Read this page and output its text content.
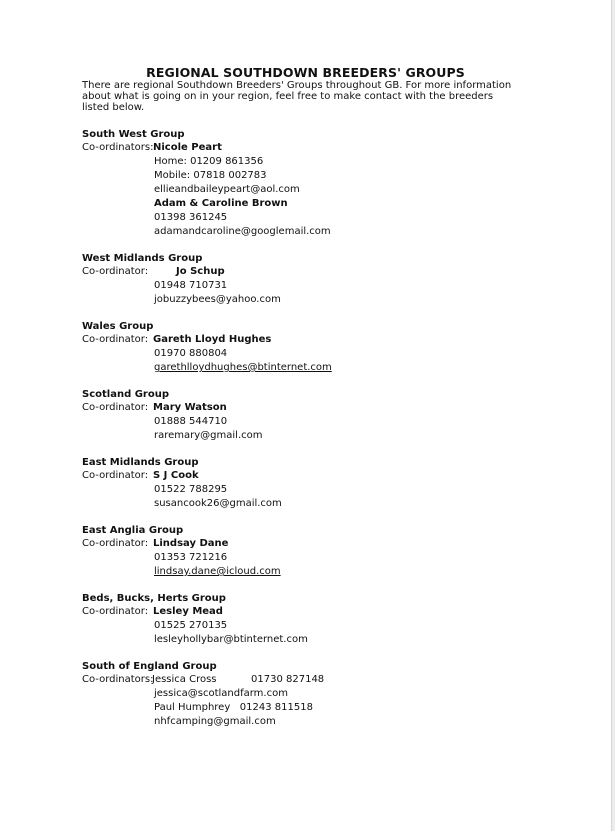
REGIONAL SOUTHDOWN BREEDERS' GROUPS
There are regional Southdown Breeders' Groups throughout GB. For more information about what is going on in your region, feel free to make contact with the breeders listed below.
South West Group
Co-ordinators: Nicole Peart
Home: 01209 861356
Mobile: 07818 002783
ellieandbaileypeart@aol.com
Adam & Caroline Brown
01398 361245
adamandcaroline@googlemail.com
West Midlands Group
Co-ordinator:	Jo Schup
01948 710731
jobuzzybees@yahoo.com
Wales Group
Co-ordinator: Gareth Lloyd Hughes
01970 880804
garethlloydhughes@btinternet.com
Scotland Group
Co-ordinator: Mary Watson
01888 544710
raremary@gmail.com
East Midlands Group
Co-ordinator: S J Cook
01522 788295
susancook26@gmail.com
East Anglia Group
Co-ordinator: Lindsay Dane
01353 721216
lindsay.dane@icloud.com
Beds, Bucks, Herts Group
Co-ordinator: Lesley Mead
01525 270135
lesleyhollybar@btinternet.com
South of England Group
Co-ordinators:
Jessica Cross	01730 827148
jessica@scotlandfarm.com
Paul Humphrey   01243 811518
nhfcamping@gmail.com
